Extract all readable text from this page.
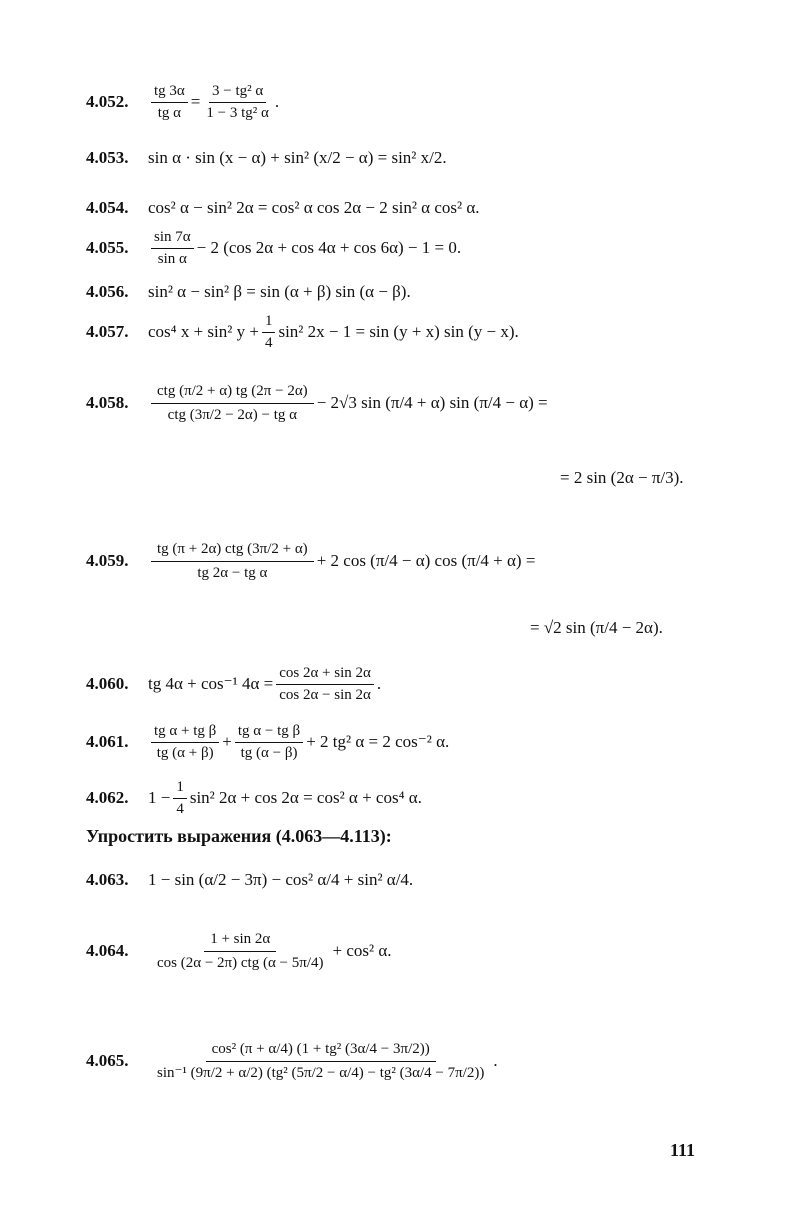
4.052.	$\frac{tg 3\alpha}{\text{tg α}} = \frac{\text{3 − tg² α}}{\text{1 − 3 tg² α}}$ .
4.053.	sin α · sin (x − α) + sin² (x/2 − α) = sin² x/2.
4.054.	cos² α − sin² 2α = cos² α cos 2α − 2 sin² α cos² α.
4.055.	$\frac{\sin 7\alpha}{\text{sin α}} - 2$ (cos 2α + cos 4α + cos 6α) − 1 = 0.
4.056.	sin² α − sin² β = sin (α + β) sin (α − β).
4.057.	cos⁴ x + sin² $y + \frac{1}{4} \sin^2$ 2x − 1 = sin (y + x) sin (y − x).
4.058.	$\frac{\text{ctg (π/2 + α) tg (2π − 2α)}}{\text{ctg (3π/2 − 2α) − tg α}} - 2√3$ sin (π/4 + α) sin (π/4 − α) =
= 2 sin (2α − π/3).
4.059.	$\frac{\text{tg (π + 2α) ctg (3π/2 + α)}}{\text{tg 2α − tg α}} + 2$ cos (π/4 − α) cos (π/4 + α) =
= √2 sin (π/4 − 2α).
4.060.	tg 4α + cos⁻¹ $4\alpha = \frac{\cos 2\alpha + \sin 2\alpha}{\cos 2\alpha - \sin 2\alpha}$ .
4.061.	$\frac{\text{tg α + tg β}}{tg (\alpha + \beta)} + \frac{\text{tg α − tg β}}{tg (\alpha - \beta)} + 2$ tg² α = 2 cos⁻² α.
4.062.	$1 - \frac{1}{4} \sin^2$ 2α + cos 2α = cos² α + cos⁴ α.
Упростить выражения (4.063—4.113):
4.063.	1 − sin (α/2 − 3π) − cos² α/4 + sin² α/4.
4.064.	$\frac{1 + \sin 2\alpha}{\text{cos (2α − 2π) ctg (α − 5π/4)}} + \cos^2$ α.
4.065.	$\frac{\text{cos² (π + α/4) (1 + tg² (3α/4 − 3π/2))}}{\text{sin⁻¹ (9π/2 + α/2) (tg² (5π/2 − α/4) − tg² (3α/4 − 7π/2))}}$ .
111
